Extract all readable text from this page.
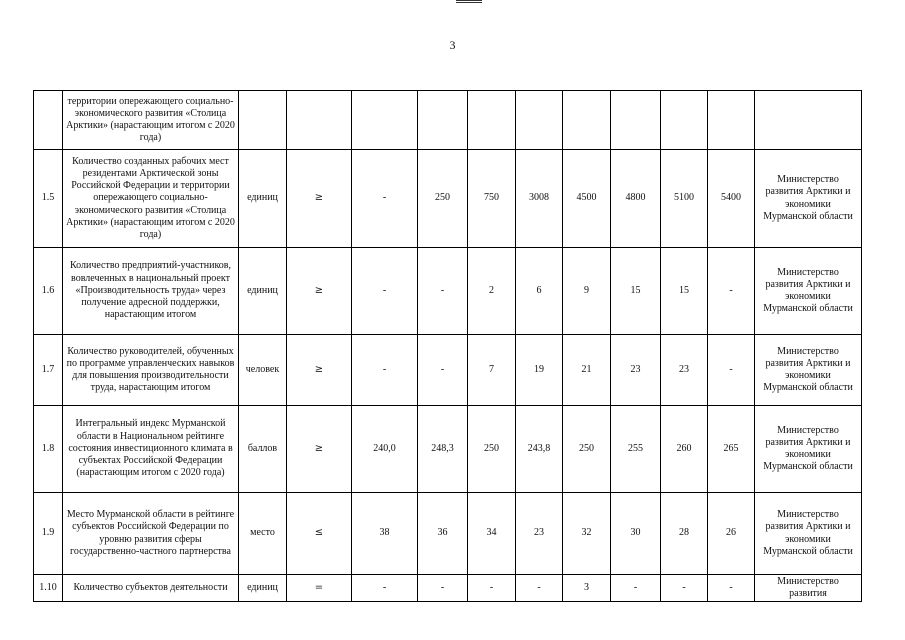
3
	территории опережающего социально-экономического развития «Столица Арктики» (нарастающим итогом с 2020 года)											
1.5	Количество созданных рабочих мест резидентами Арктической зоны Российской Федерации и территории опережающего социально-экономического развития «Столица Арктики» (нарастающим итогом с 2020 года)	единиц	≥	-	250	750	3008	4500	4800	5100	5400	Министерство развития Арктики и экономики Мурманской области
1.6	Количество предприятий-участников, вовлеченных в национальный проект «Производительность труда» через получение адресной поддержки, нарастающим итогом	единиц	≥	-	-	2	6	9	15	15	-	Министерство развития Арктики и экономики Мурманской области
1.7	Количество руководителей, обученных по программе управленческих навыков для повышения производительности труда, нарастающим итогом	человек	≥	-	-	7	19	21	23	23	-	Министерство развития Арктики и экономики Мурманской области
1.8	Интегральный индекс Мурманской области в Национальном рейтинге состояния инвестиционного климата в субъектах Российской Федерации (нарастающим итогом с 2020 года)	баллов	≥	240,0	248,3	250	243,8	250	255	260	265	Министерство развития Арктики и экономики Мурманской области
1.9	Место Мурманской области в рейтинге субъектов Российской Федерации по уровню развития сферы государственно-частного партнерства	место	≤	38	36	34	23	32	30	28	26	Министерство развития Арктики и экономики Мурманской области
1.10	Количество субъектов деятельности	единиц	=	-	-	-	-	3	-	-	-	Министерство развития
